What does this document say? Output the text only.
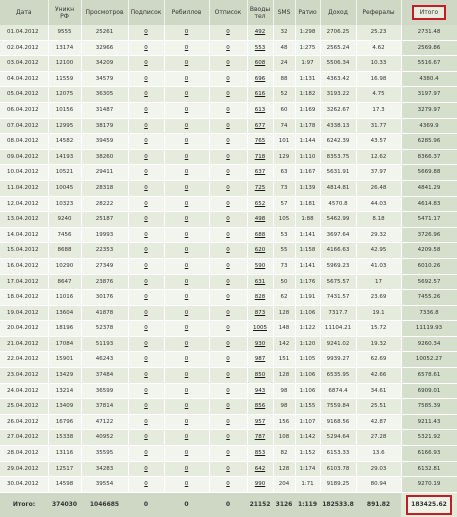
Дата	Уникн РФ	Просмотров	Подписок	Ребиллов	Отписок	Вводы тел	SMS	Ратио	Доход	Рефералы	Итого
01.04.2012	9555	25261	0	0	0	492	32	1:298	2706.25	25.23	2731.48
02.04.2012	13174	32966	0	0	0	553	48	1:275	2565.24	4.62	2569.86
03.04.2012	12100	34209	0	0	0	608	24	1:97	5506.34	10.33	5516.67
04.04.2012	11559	34579	0	0	0	696	88	1:131	4363.42	16.98	4380.4
05.04.2012	12075	36305	0	0	0	616	52	1:182	3193.22	4.75	3197.97
06.04.2012	10156	31487	0	0	0	613	60	1:169	3262.67	17.3	3279.97
07.04.2012	12995	38179	0	0	0	677	74	1:178	4338.13	31.77	4369.9
08.04.2012	14582	39459	0	0	0	765	101	1:144	6242.39	43.57	6285.96
09.04.2012	14193	38260	0	0	0	718	129	1:110	8353.75	12.62	8366.37
10.04.2012	10521	29411	0	0	0	637	63	1:167	5631.91	37.97	5669.88
11.04.2012	10045	28318	0	0	0	725	73	1:139	4814.81	26.48	4841.29
12.04.2012	10323	28222	0	0	0	652	57	1:181	4570.8	44.03	4614.83
13.04.2012	9240	25187	0	0	0	498	105	1:88	5462.99	8.18	5471.17
14.04.2012	7456	19993	0	0	0	688	53	1:141	3697.64	29.32	3726.96
15.04.2012	8688	22353	0	0	0	620	55	1:158	4166.63	42.95	4209.58
16.04.2012	10290	27349	0	0	0	590	73	1:141	5969.23	41.03	6010.26
17.04.2012	8647	23876	0	0	0	631	50	1:176	5675.57	17	5692.57
18.04.2012	11016	30176	0	0	0	828	62	1:191	7431.57	23.69	7455.26
19.04.2012	13604	41878	0	0	0	873	128	1:106	7317.7	19.1	7336.8
20.04.2012	18196	52378	0	0	0	1005	148	1:122	11104.21	15.72	11119.93
21.04.2012	17084	51193	0	0	0	930	142	1:120	9241.02	19.32	9260.34
22.04.2012	15901	46243	0	0	0	987	151	1:105	9939.27	62.69	10052.27
23.04.2012	13429	37484	0	0	0	850	128	1:106	6535.95	42.66	6578.61
24.04.2012	13214	36599	0	0	0	943	98	1:106	6874.4	34.61	6909.01
25.04.2012	13409	37814	0	0	0	856	98	1:155	7559.84	25.51	7585.39
26.04.2012	16796	47122	0	0	0	957	156	1:107	9168.56	42.87	9211.43
27.04.2012	15338	40952	0	0	0	787	108	1:142	5294.64	27.28	5321.92
28.04.2012	13116	35595	0	0	0	853	82	1:152	6153.33	13.6	6166.93
29.04.2012	12517	34283	0	0	0	642	128	1:174	6103.78	29.03	6132.81
30.04.2012	14598	39554	0	0	0	990	204	1:71	9189.25	80.94	9270.19
Итого:	374030	1046685	0	0	0	21152	3126	1:119	182533.8	891.82	183425.62
